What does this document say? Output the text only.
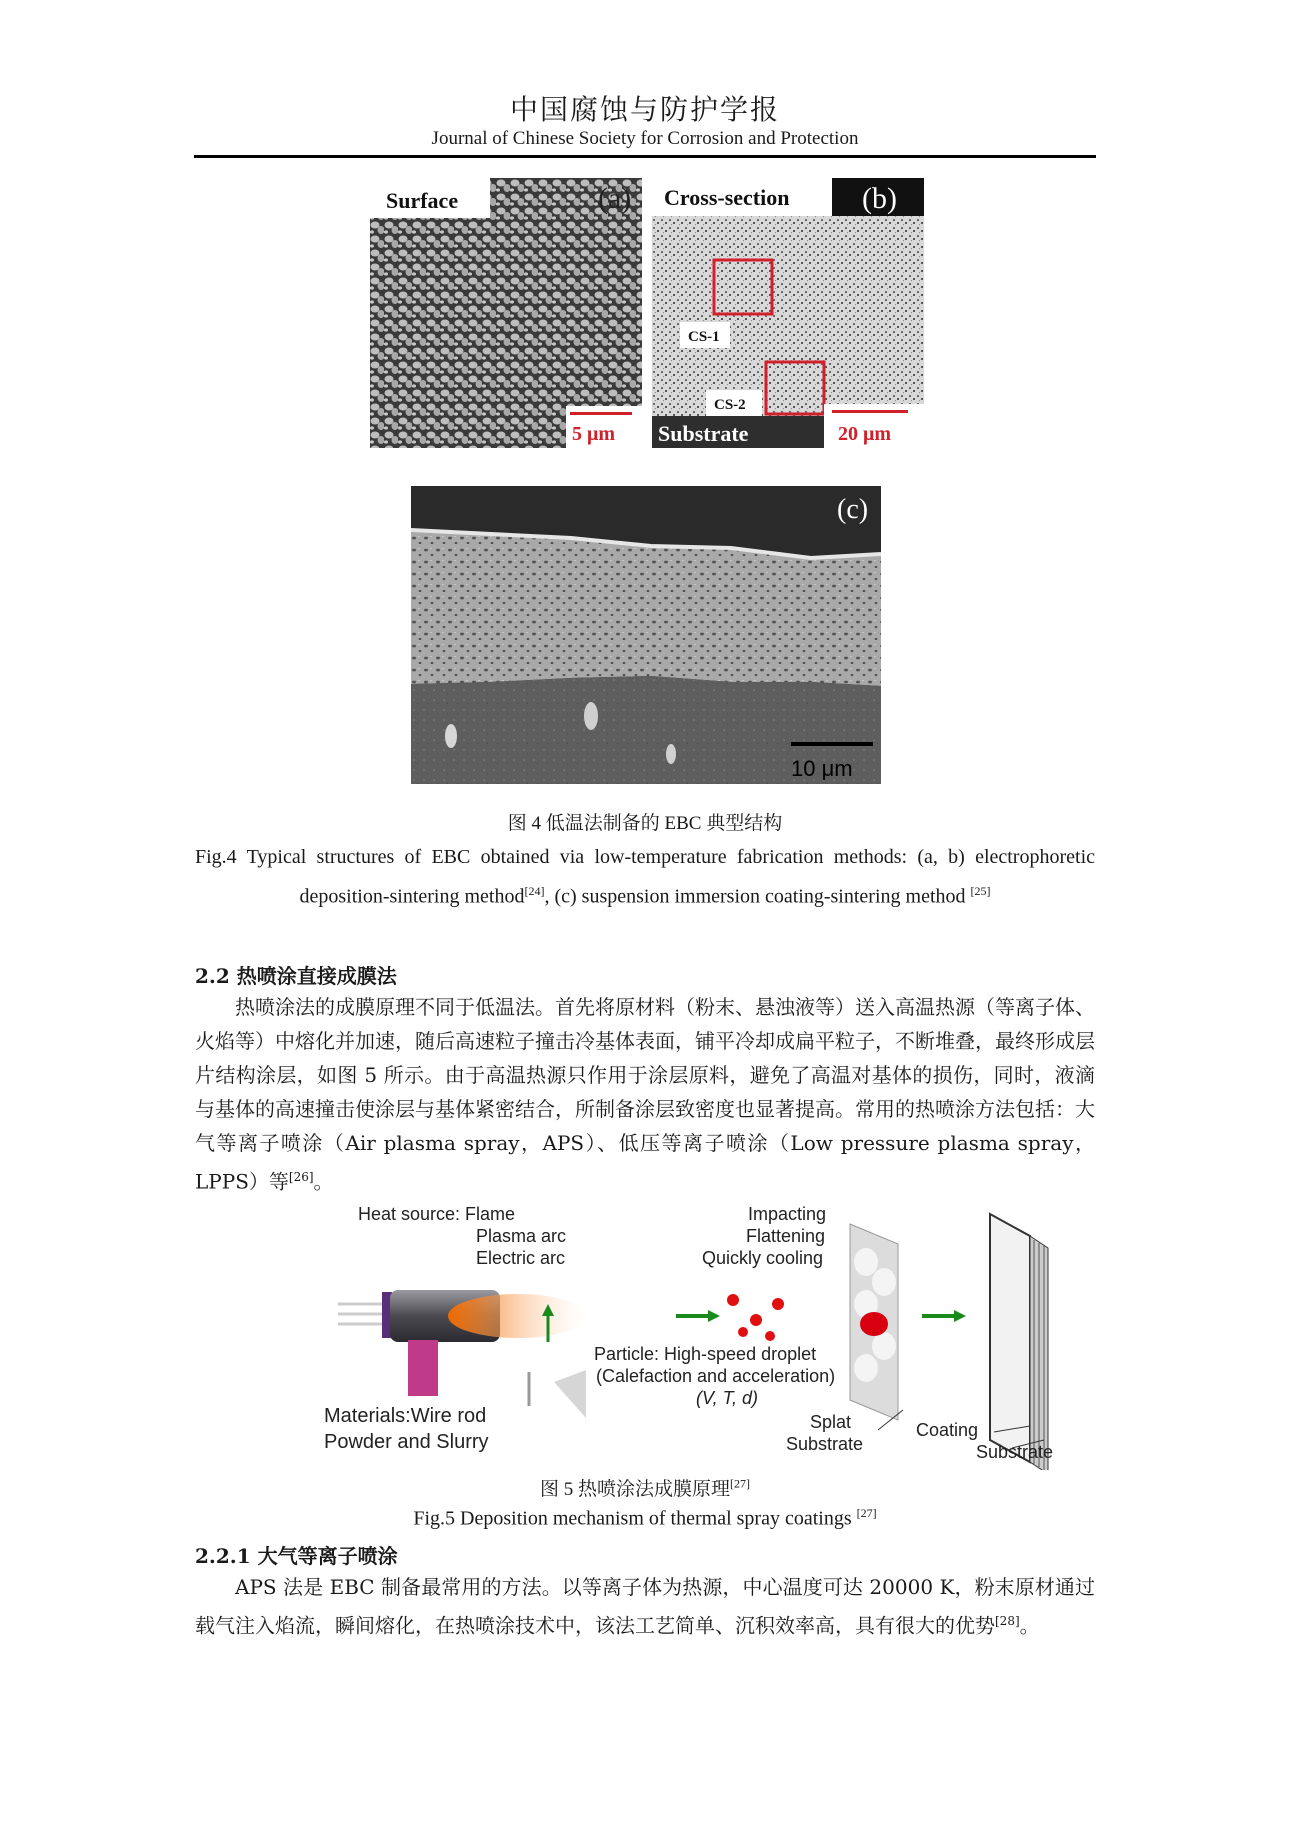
中国腐蚀与防护学报
Journal of Chinese Society for Corrosion and Protection
Surface	(a)
5 μm
Cross-section (b)
CS-1
CS-2
Substrate	20 μm
(c)
10 μm
图 4 低温法制备的 EBC 典型结构
Fig.4 Typical structures of EBC obtained via low-temperature fabrication methods: (a, b) electrophoretic deposition-sintering method[24], (c) suspension immersion coating-sintering method [25]
2.2 热喷涂直接成膜法

热喷涂法的成膜原理不同于低温法。首先将原材料（粉末、悬浊液等）送入高温热源（等离子体、火焰等）中熔化并加速，随后高速粒子撞击冷基体表面，铺平冷却成扁平粒子，不断堆叠，最终形成层片结构涂层，如图 5 所示。由于高温热源只作用于涂层原料，避免了高温对基体的损伤，同时，液滴与基体的高速撞击使涂层与基体紧密结合，所制备涂层致密度也显著提高。常用的热喷涂方法包括：大气等离子喷涂（Air plasma spray，APS）、低压等离子喷涂（Low pressure plasma spray，LPPS）等[26]。

Heat source: Flame
Plasma arc
Electric arc
Impacting
Flattening
Quickly cooling
Particle: High-speed droplet
(Calefaction and acceleration)
(V, T, d)
Materials:Wire rod
Powder and Slurry
Splat
Substrate
Coating
Substrate
图 5 热喷涂法成膜原理[27]
Fig.5 Deposition mechanism of thermal spray coatings [27]
2.2.1 大气等离子喷涂

APS 法是 EBC 制备最常用的方法。以等离子体为热源，中心温度可达 20000 K，粉末原材通过载气注入焰流，瞬间熔化，在热喷涂技术中，该法工艺简单、沉积效率高，具有很大的优势[28]。
